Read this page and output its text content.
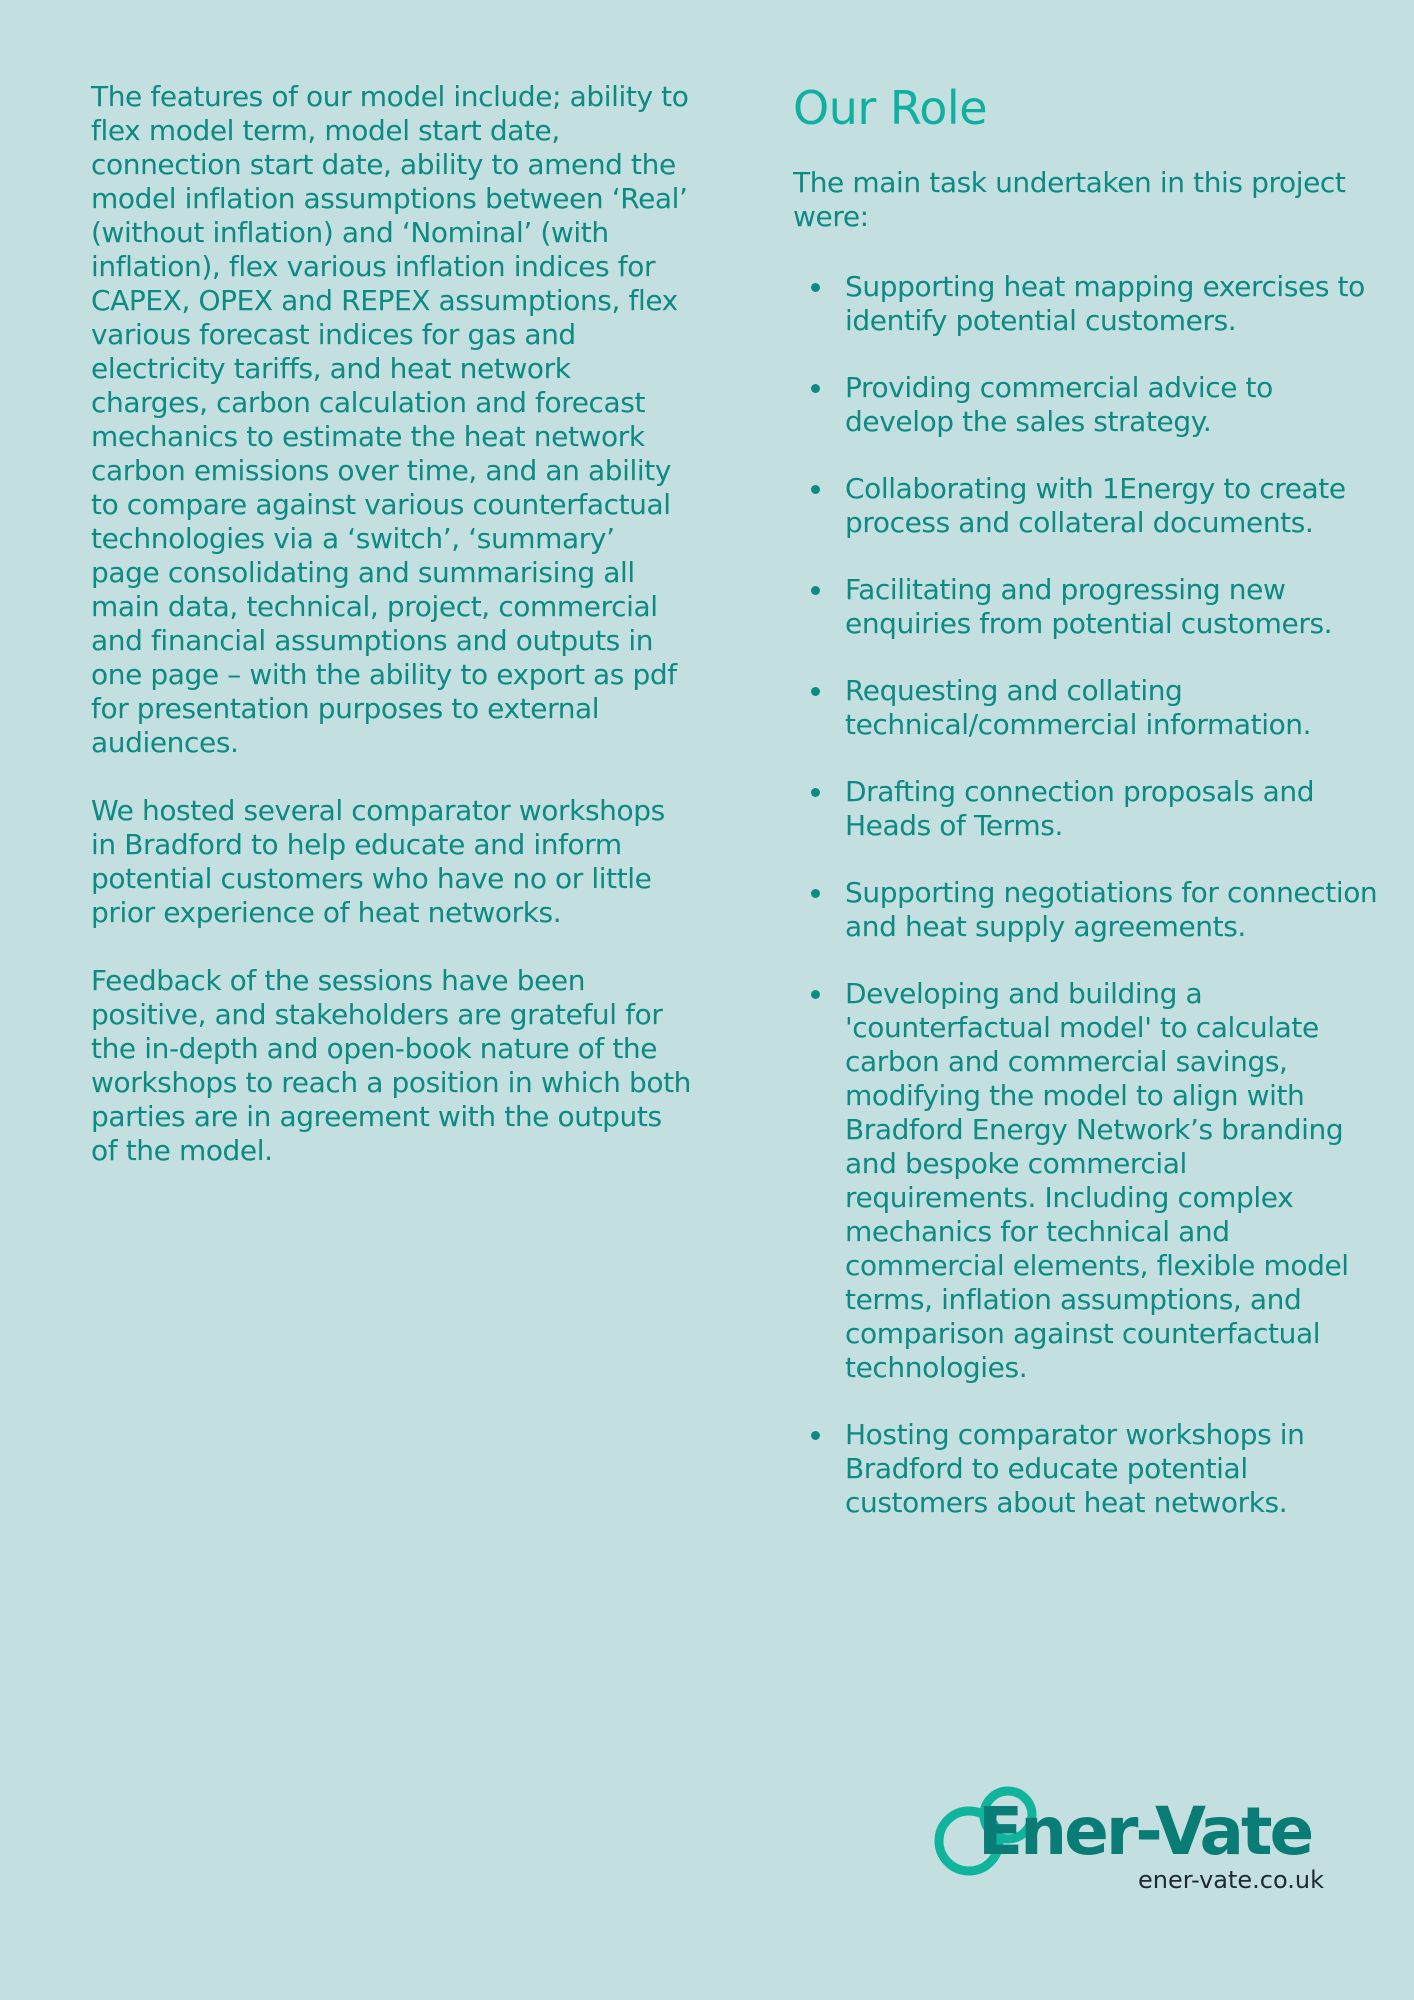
The features of our model include; ability to flex model term, model start date, connection start date, ability to amend the model inflation assumptions between ‘Real’ (without inflation) and ‘Nominal’ (with inflation), flex various inflation indices for CAPEX, OPEX and REPEX assumptions, flex various forecast indices for gas and electricity tariffs, and heat network charges, carbon calculation and forecast mechanics to estimate the heat network carbon emissions over time, and an ability to compare against various counterfactual technologies via a ‘switch’, ‘summary’ page consolidating and summarising all main data, technical, project, commercial and financial assumptions and outputs in one page – with the ability to export as pdf for presentation purposes to external audiences.

We hosted several comparator workshops in Bradford to help educate and inform potential customers who have no or little prior experience of heat networks.

Feedback of the sessions have been positive, and stakeholders are grateful for the in-depth and open-book nature of the workshops to reach a position in which both parties are in agreement with the outputs of the model.

Our Role

The main task undertaken in this project were:

Supporting heat mapping exercises to identify potential customers.
Providing commercial advice to develop the sales strategy.
Collaborating with 1Energy to create process and collateral documents.
Facilitating and progressing new enquiries from potential customers.
Requesting and collating technical/commercial information.
Drafting connection proposals and Heads of Terms.
Supporting negotiations for connection and heat supply agreements.
Developing and building a 'counterfactual model' to calculate carbon and commercial savings, modifying the model to align with Bradford Energy Network’s branding and bespoke commercial requirements. Including complex mechanics for technical and commercial elements, flexible model terms, inflation assumptions, and comparison against counterfactual technologies.
Hosting comparator workshops in Bradford to educate potential customers about heat networks.
Ener-Vate
ener-vate.co.uk
